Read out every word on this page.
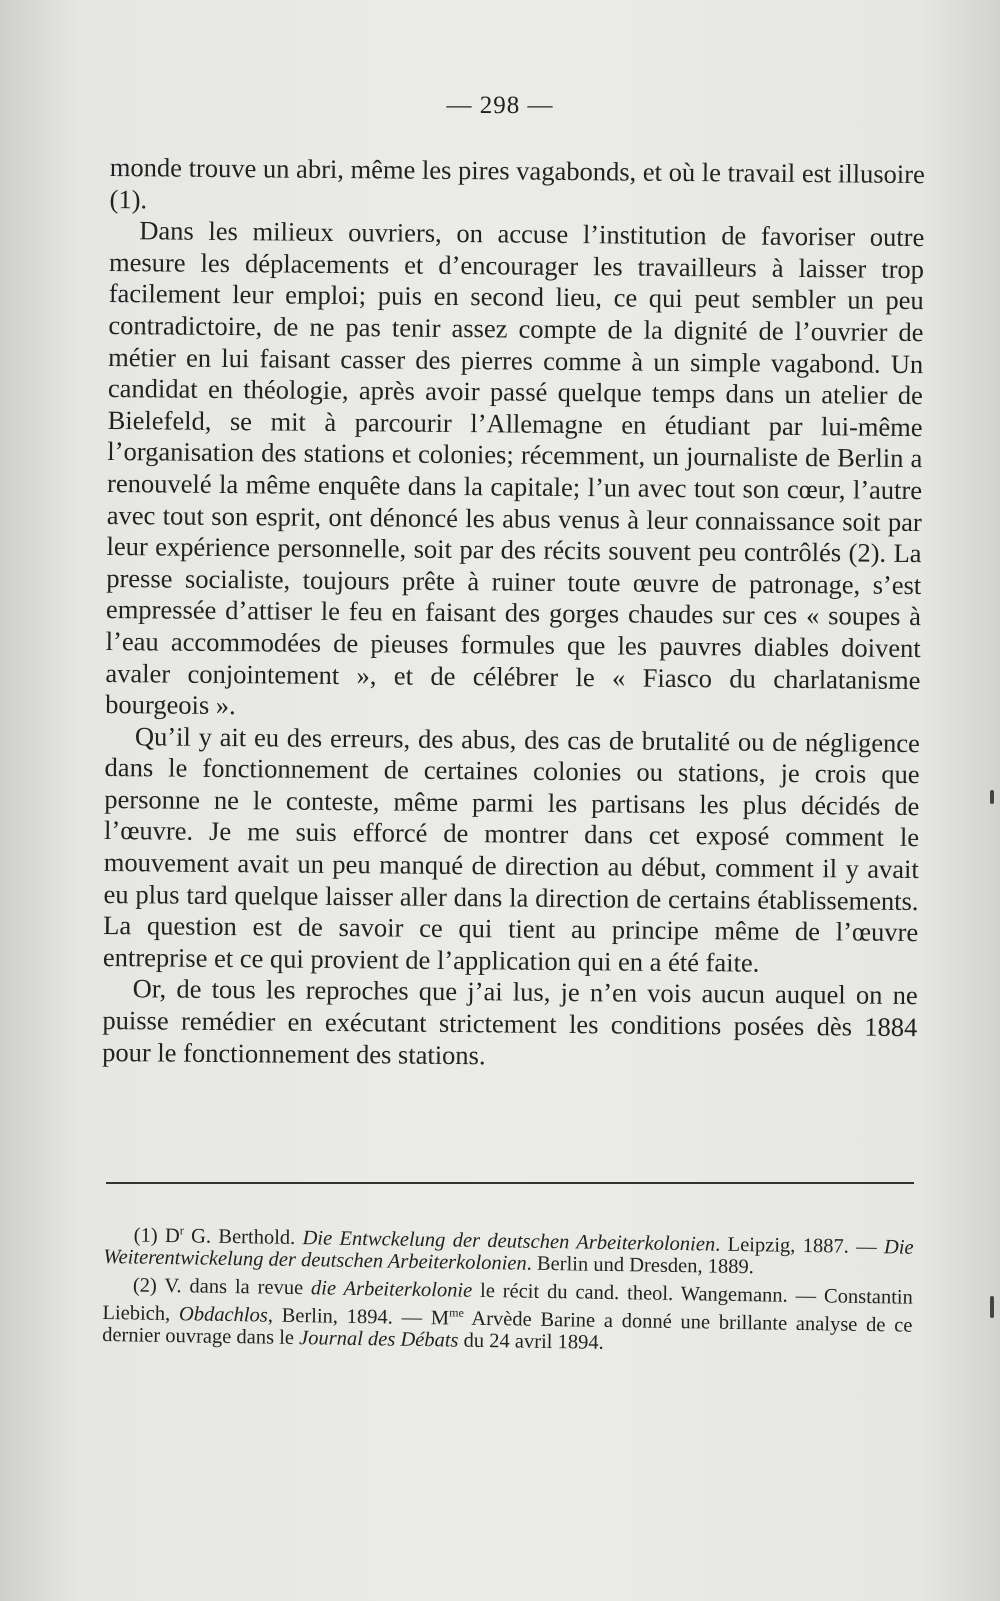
— 298 —

monde trouve un abri, même les pires vagabonds, et où le travail est illusoire (1).

Dans les milieux ouvriers, on accuse l’institution de favoriser outre mesure les déplacements et d’encourager les travailleurs à laisser trop facilement leur emploi; puis en second lieu, ce qui peut sembler un peu contradictoire, de ne pas tenir assez compte de la dignité de l’ouvrier de métier en lui faisant casser des pierres comme à un simple vagabond. Un candidat en théologie, après avoir passé quelque temps dans un atelier de Bielefeld, se mit à parcourir l’Allemagne en étudiant par lui-même l’organisation des stations et colonies; récemment, un journaliste de Berlin a renouvelé la même enquête dans la capitale; l’un avec tout son cœur, l’autre avec tout son esprit, ont dénoncé les abus venus à leur connaissance soit par leur expérience personnelle, soit par des récits souvent peu contrôlés (2). La presse socialiste, toujours prête à ruiner toute œuvre de patronage, s’est empressée d’attiser le feu en faisant des gorges chaudes sur ces « soupes à l’eau accommodées de pieuses formules que les pauvres diables doivent avaler conjointement », et de célébrer le « Fiasco du charlatanisme bourgeois ».

Qu’il y ait eu des erreurs, des abus, des cas de brutalité ou de négligence dans le fonctionnement de certaines colonies ou stations, je crois que personne ne le conteste, même parmi les partisans les plus décidés de l’œuvre. Je me suis efforcé de montrer dans cet exposé comment le mouvement avait un peu manqué de direction au début, comment il y avait eu plus tard quelque laisser aller dans la direction de certains établissements. La question est de savoir ce qui tient au principe même de l’œuvre entreprise et ce qui provient de l’application qui en a été faite.

Or, de tous les reproches que j’ai lus, je n’en vois aucun auquel on ne puisse remédier en exécutant strictement les conditions posées dès 1884 pour le fonctionnement des stations.

(1) $D^r$ G. Berthold. Die Entwckelung der deutschen Arbeiterkolonien. Leipzig, 1887. — Die Weiterentwickelung der deutschen Arbeiterkolonien. Berlin und Dresden, 1889.

(2) V. dans la revue die Arbeiterkolonie le récit du cand. theol. Wangemann. — Constantin Liebich, Obdachlos, Berlin, 1894. — $M^{me}$ Arvède Barine a donné une brillante analyse de ce dernier ouvrage dans le Journal des Débats du 24 avril 1894.
